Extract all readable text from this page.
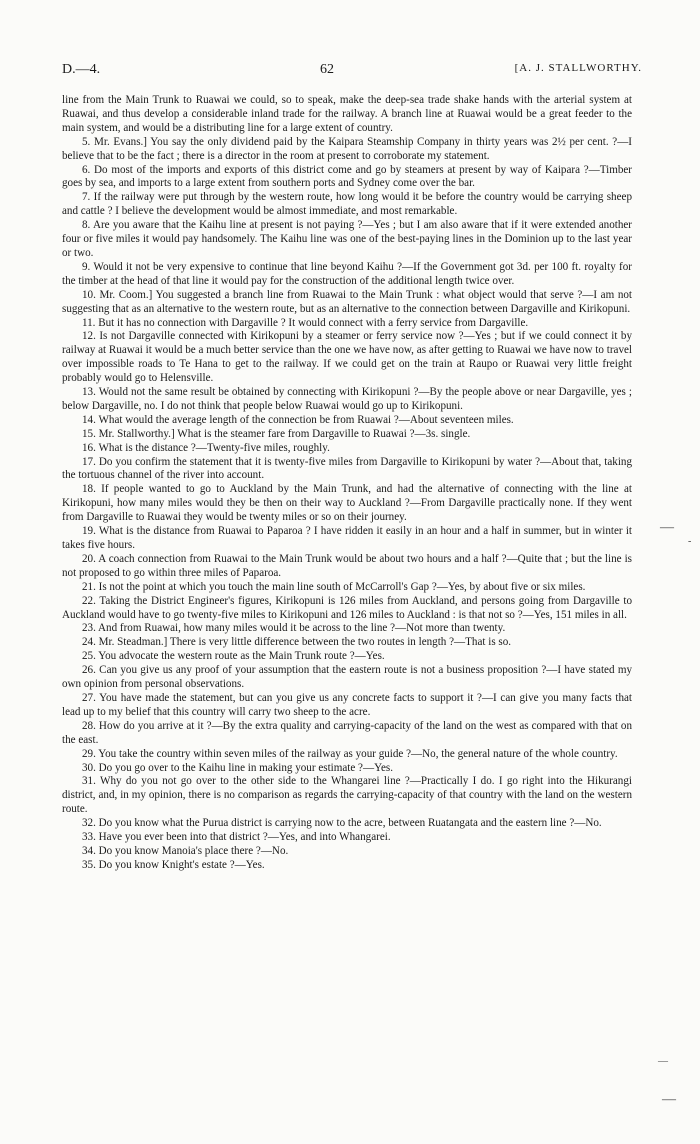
D.—4.	62	[A. J. STALLWORTHY.

line from the Main Trunk to Ruawai we could, so to speak, make the deep-sea trade shake hands with the arterial system at Ruawai, and thus develop a considerable inland trade for the railway. A branch line at Ruawai would be a great feeder to the main system, and would be a distributing line for a large extent of country.

5. Mr. Evans.] You say the only dividend paid by the Kaipara Steamship Company in thirty years was 2½ per cent. ?—I believe that to be the fact ; there is a director in the room at present to corroborate my statement.

6. Do most of the imports and exports of this district come and go by steamers at present by way of Kaipara ?—Timber goes by sea, and imports to a large extent from southern ports and Sydney come over the bar.

7. If the railway were put through by the western route, how long would it be before the country would be carrying sheep and cattle ? I believe the development would be almost immediate, and most remarkable.

8. Are you aware that the Kaihu line at present is not paying ?—Yes ; but I am also aware that if it were extended another four or five miles it would pay handsomely. The Kaihu line was one of the best-paying lines in the Dominion up to the last year or two.

9. Would it not be very expensive to continue that line beyond Kaihu ?—If the Government got 3d. per 100 ft. royalty for the timber at the head of that line it would pay for the construction of the additional length twice over.

10. Mr. Coom.] You suggested a branch line from Ruawai to the Main Trunk : what object would that serve ?—I am not suggesting that as an alternative to the western route, but as an alternative to the connection between Dargaville and Kirikopuni.

11. But it has no connection with Dargaville ? It would connect with a ferry service from Dargaville.

12. Is not Dargaville connected with Kirikopuni by a steamer or ferry service now ?—Yes ; but if we could connect it by railway at Ruawai it would be a much better service than the one we have now, as after getting to Ruawai we have now to travel over impossible roads to Te Hana to get to the railway. If we could get on the train at Raupo or Ruawai very little freight probably would go to Helensville.

13. Would not the same result be obtained by connecting with Kirikopuni ?—By the people above or near Dargaville, yes ; below Dargaville, no. I do not think that people below Ruawai would go up to Kirikopuni.

14. What would the average length of the connection be from Ruawai ?—About seventeen miles.

15. Mr. Stallworthy.] What is the steamer fare from Dargaville to Ruawai ?—3s. single.

16. What is the distance ?—Twenty-five miles, roughly.

17. Do you confirm the statement that it is twenty-five miles from Dargaville to Kirikopuni by water ?—About that, taking the tortuous channel of the river into account.

18. If people wanted to go to Auckland by the Main Trunk, and had the alternative of connecting with the line at Kirikopuni, how many miles would they be then on their way to Auckland ?—From Dargaville practically none. If they went from Dargaville to Ruawai they would be twenty miles or so on their journey.

19. What is the distance from Ruawai to Paparoa ? I have ridden it easily in an hour and a half in summer, but in winter it takes five hours.

20. A coach connection from Ruawai to the Main Trunk would be about two hours and a half ?—Quite that ; but the line is not proposed to go within three miles of Paparoa.

21. Is not the point at which you touch the main line south of McCarroll's Gap ?—Yes, by about five or six miles.

22. Taking the District Engineer's figures, Kirikopuni is 126 miles from Auckland, and persons going from Dargaville to Auckland would have to go twenty-five miles to Kirikopuni and 126 miles to Auckland : is that not so ?—Yes, 151 miles in all.

23. And from Ruawai, how many miles would it be across to the line ?—Not more than twenty.

24. Mr. Steadman.] There is very little difference between the two routes in length ?—That is so.

25. You advocate the western route as the Main Trunk route ?—Yes.

26. Can you give us any proof of your assumption that the eastern route is not a business proposition ?—I have stated my own opinion from personal observations.

27. You have made the statement, but can you give us any concrete facts to support it ?—I can give you many facts that lead up to my belief that this country will carry two sheep to the acre.

28. How do you arrive at it ?—By the extra quality and carrying-capacity of the land on the west as compared with that on the east.

29. You take the country within seven miles of the railway as your guide ?—No, the general nature of the whole country.

30. Do you go over to the Kaihu line in making your estimate ?—Yes.

31. Why do you not go over to the other side to the Whangarei line ?—Practically I do. I go right into the Hikurangi district, and, in my opinion, there is no comparison as regards the carrying-capacity of that country with the land on the western route.

32. Do you know what the Puruа district is carrying now to the acre, between Ruatangata and the eastern line ?—No.

33. Have you ever been into that district ?—Yes, and into Whangarei.

34. Do you know Manoia's place there ?—No.

35. Do you know Knight's estate ?—Yes.

—
-
—
—
